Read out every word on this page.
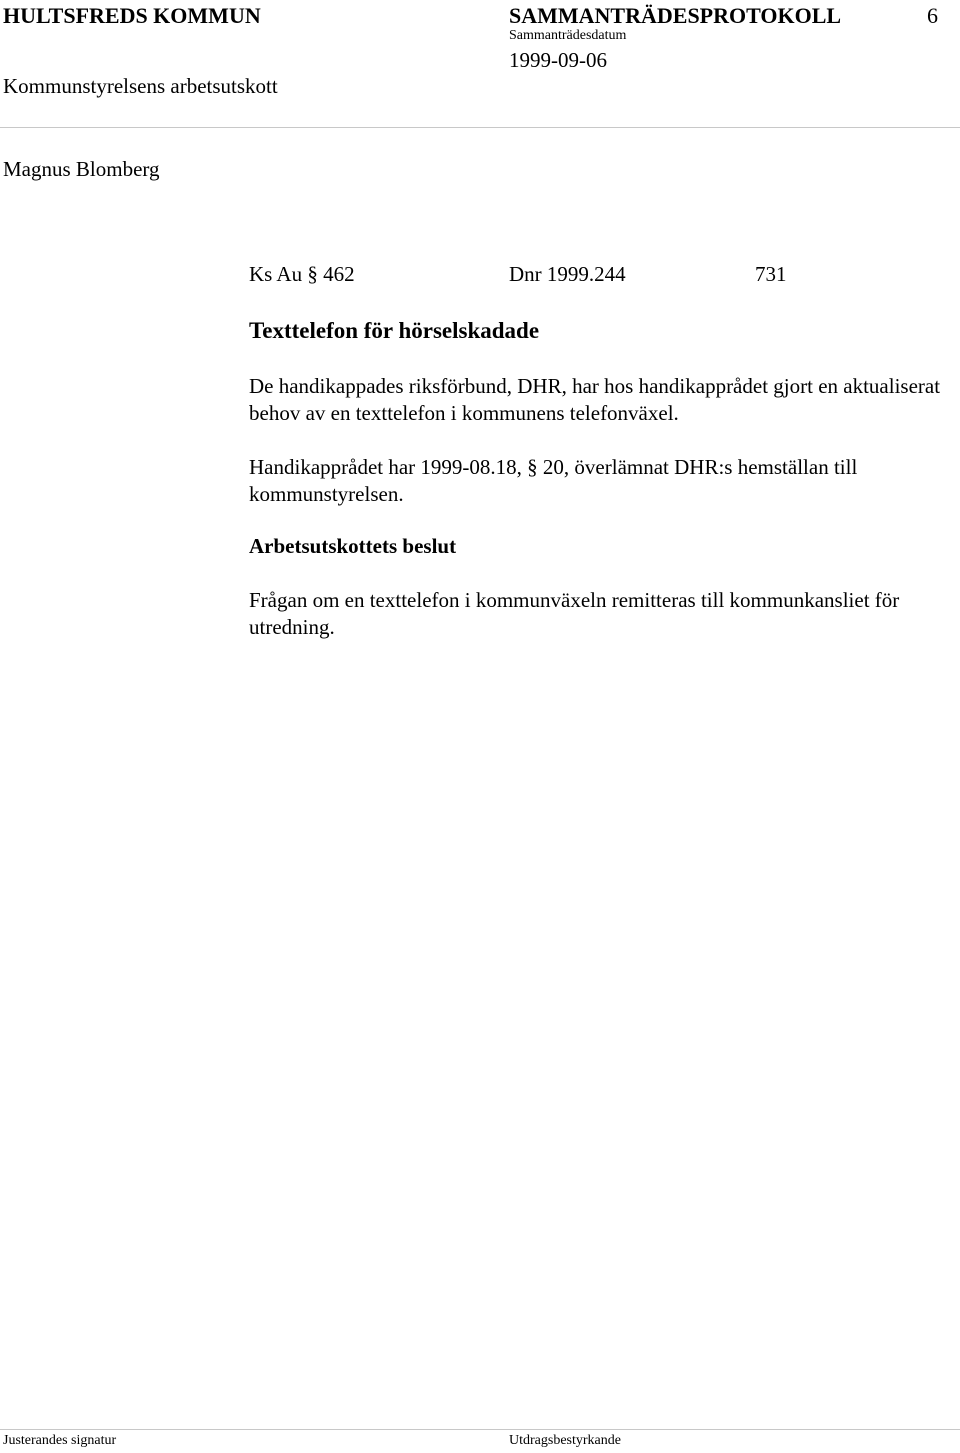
HULTSFREDS KOMMUN	SAMMANTRÄDESPROTOKOLL	6
Sammanträdesdatum
1999-09-06
Kommunstyrelsens arbetsutskott
Magnus Blomberg
Ks Au § 462	Dnr 1999.244	731
Texttelefon för hörselskadade
De handikappades riksförbund, DHR, har hos handikapprådet gjort en aktualiserat behov av en texttelefon i kommunens telefonväxel.
Handikapprådet har 1999-08.18, § 20, överlämnat DHR:s hemställan till kommunstyrelsen.
Arbetsutskottets beslut
Frågan om en texttelefon i kommunväxeln remitteras till kommunkansliet för utredning.
Justerandes signatur	Utdragsbestyrkande
